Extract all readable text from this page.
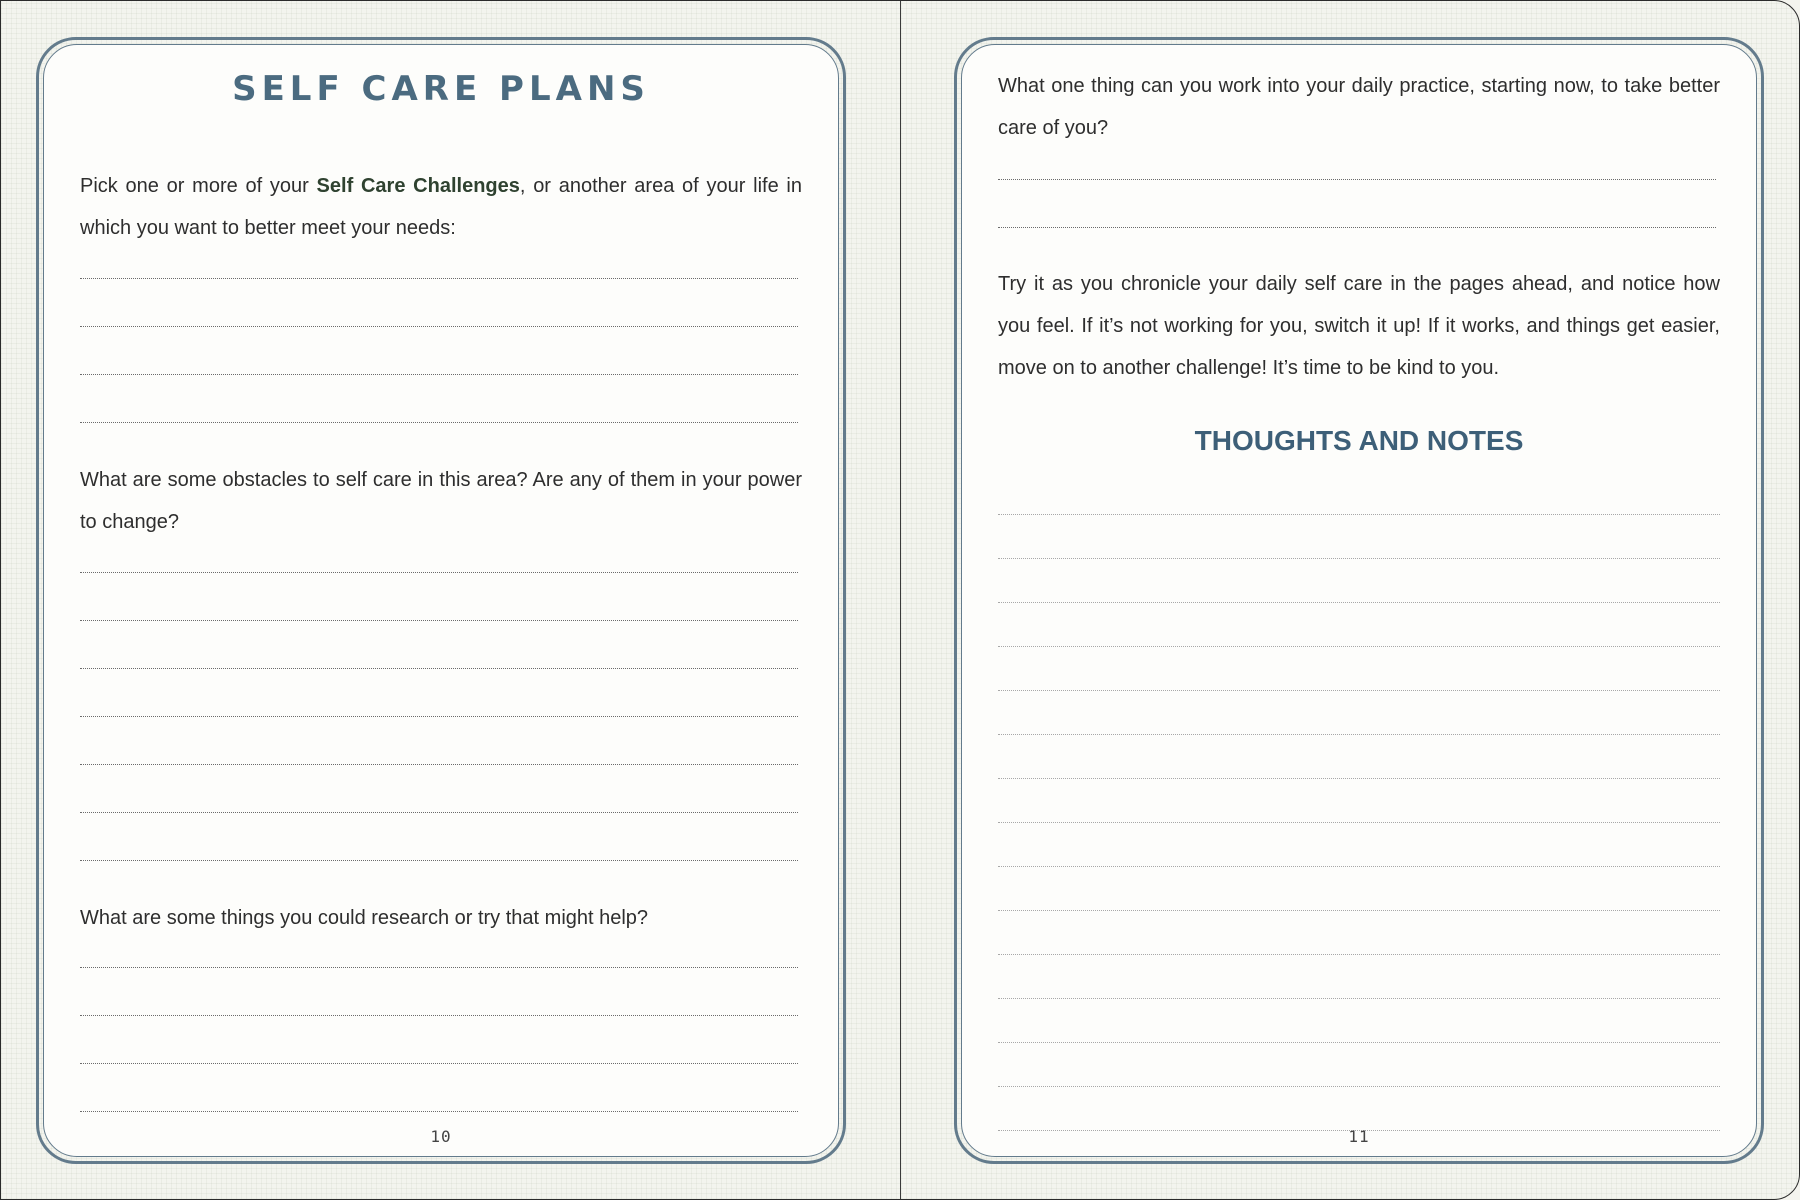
SELF CARE PLANS

Pick one or more of your Self Care Challenges, or another area of your life in which you want to better meet your needs:

What are some obstacles to self care in this area? Are any of them in your power to change?

What are some things you could research or try that might help?

10

What one thing can you work into your daily practice, starting now, to take better care of you?

Try it as you chronicle your daily self care in the pages ahead, and notice how you feel. If it’s not working for you, switch it up! If it works, and things get easier, move on to another challenge! It’s time to be kind to you.

THOUGHTS AND NOTES
11
